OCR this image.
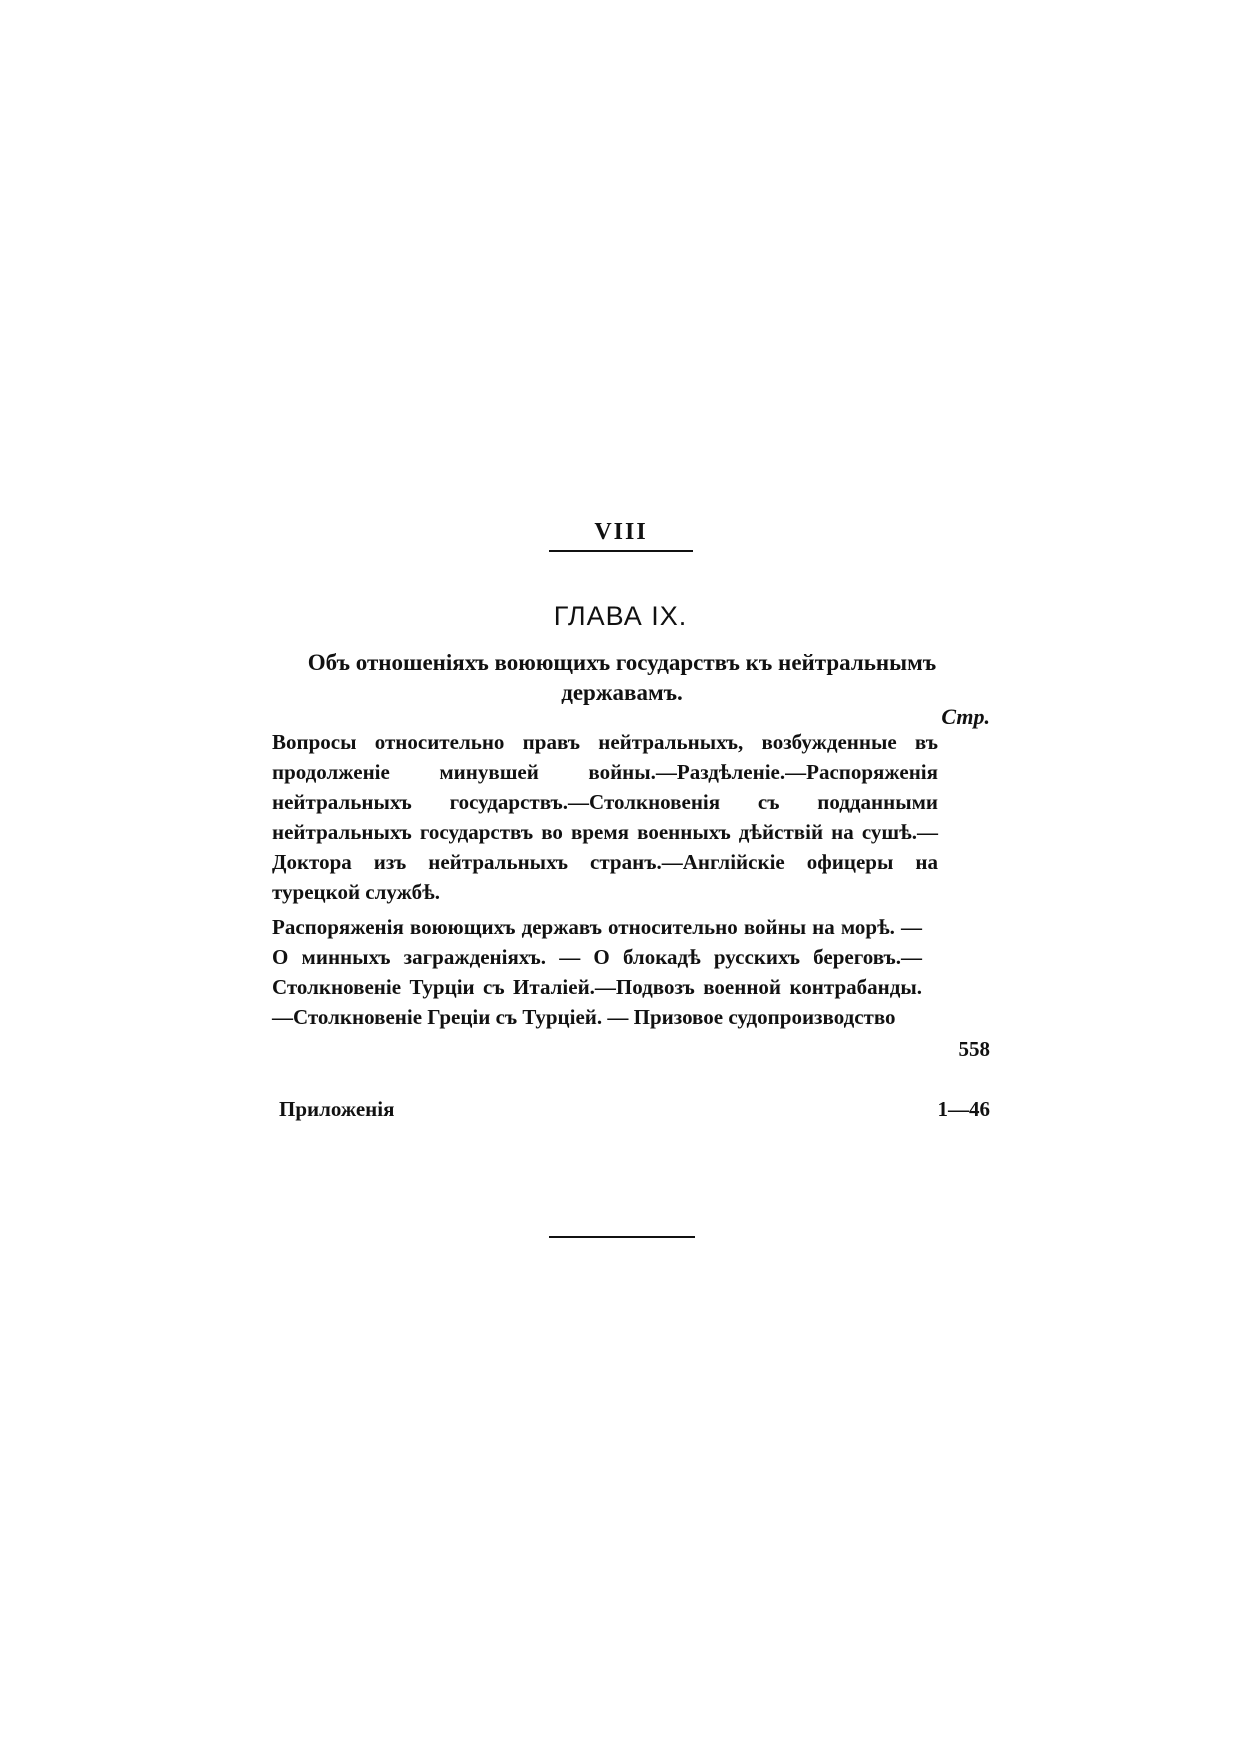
VIII
ГЛАВА IX.
Объ отношеніяхъ воюющихъ государствъ къ нейтральнымъ державамъ.
Стр.
Вопросы относительно правъ нейтральныхъ, возбужденные въ продолженіе минувшей войны.—Раздѣленіе.—Распоряженія нейтральныхъ государствъ.—Столкновенія съ подданными нейтральныхъ государствъ во время военныхъ дѣйствій на сушѣ.—Доктора изъ нейтральныхъ странъ.—Англійскіе офицеры на турецкой службѣ.
Распоряженія воюющихъ державъ относительно войны на морѣ. — О минныхъ загражденіяхъ. — О блокадѣ русскихъ береговъ.—Столкновеніе Турціи съ Италіей.—Подвозъ военной контрабанды.—Столкновеніе Греціи съ Турціей. — Призовое судопроизводство
558
Приложенія	1—46
